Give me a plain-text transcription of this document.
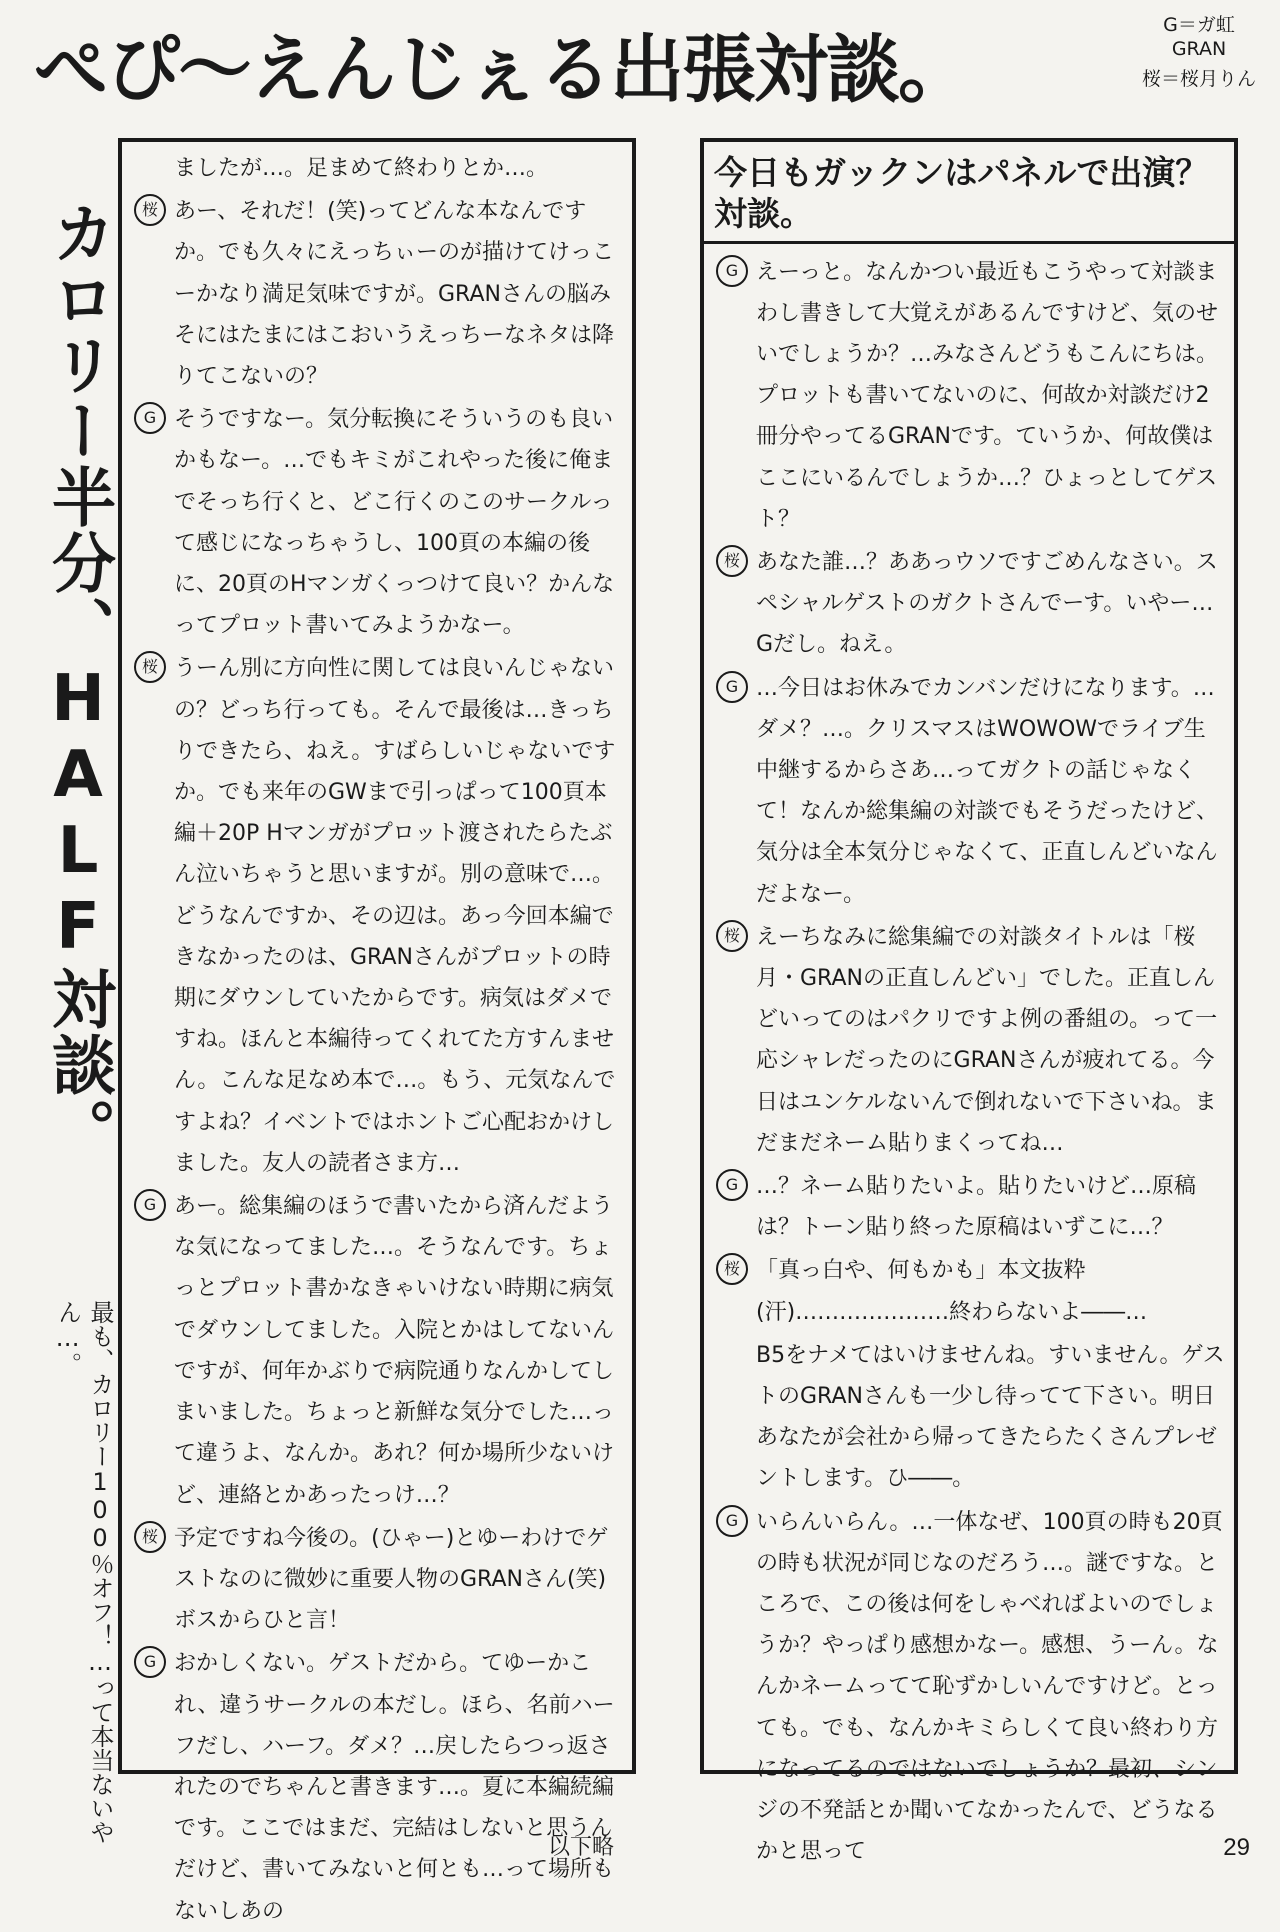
ぺぴ〜えんじぇる出張対談。
G＝ガ虹GRAN
桜＝桜月りん
カロリー半分、HALF対談。
最も、カロリー100％オフ！…って本当ないやん…。
ましたが…。足まめて終わりとか…。
桜 あー、それだ！(笑)ってどんな本なんですか。でも久々にえっちぃーのが描けてけっこーかなり満足気味ですが。GRANさんの脳みそにはたまにはこおいうえっちーなネタは降りてこないの？
G そうですなー。気分転換にそういうのも良いかもなー。…でもキミがこれやった後に俺までそっち行くと、どこ行くのこのサークルって感じになっちゃうし、100頁の本編の後に、20頁のHマンガくっつけて良い？かんなってプロット書いてみようかなー。
桜 うーん別に方向性に関しては良いんじゃないの？どっち行っても。そんで最後は…きっちりできたら、ねえ。すばらしいじゃないですか。でも来年のGWまで引っぱって100頁本編＋20P Hマンガがプロット渡されたらたぶん泣いちゃうと思いますが。別の意味で…。どうなんですか、その辺は。あっ今回本編できなかったのは、GRANさんがプロットの時期にダウンしていたからです。病気はダメですね。ほんと本編待ってくれてた方すんません。こんな足なめ本で…。もう、元気なんですよね？イベントではホントご心配おかけしました。友人の読者さま方…
G あー。総集編のほうで書いたから済んだような気になってました…。そうなんです。ちょっとプロット書かなきゃいけない時期に病気でダウンしてました。入院とかはしてないんですが、何年かぶりで病院通りなんかしてしまいました。ちょっと新鮮な気分でした…って違うよ、なんか。あれ？何か場所少ないけど、連絡とかあったっけ…？
桜 予定ですね今後の。(ひゃー)とゆーわけでゲストなのに微妙に重要人物のGRANさん(笑)ボスからひと言！
G おかしくない。ゲストだから。てゆーかこれ、違うサークルの本だし。ほら、名前ハーフだし、ハーフ。ダメ？…戻したらつっ返されたのでちゃんと書きます…。夏に本編続編です。ここではまだ、完結はしないと思うんだけど、書いてみないと何とも…って場所もないしあの
今日もガックンはパネルで出演？対談。
G えーっと。なんかつい最近もこうやって対談まわし書きして大覚えがあるんですけど、気のせいでしょうか？…みなさんどうもこんにちは。プロットも書いてないのに、何故か対談だけ2冊分やってるGRANです。ていうか、何故僕はここにいるんでしょうか…？ひょっとしてゲスト？
桜 あなた誰…？ああっウソですごめんなさい。スペシャルゲストのガクトさんでーす。いやー…Gだし。ねえ。
G …今日はお休みでカンバンだけになります。…ダメ？…。クリスマスはWOWOWでライブ生中継するからさあ…ってガクトの話じゃなくて！なんか総集編の対談でもそうだったけど、気分は全本気分じゃなくて、正直しんどいなんだよなー。
桜 えーちなみに総集編での対談タイトルは「桜月・GRANの正直しんどい」でした。正直しんどいってのはパクリですよ例の番組の。って一応シャレだったのにGRANさんが疲れてる。今日はユンケルないんで倒れないで下さいね。まだまだネーム貼りまくってね…
G …？ネーム貼りたいよ。貼りたいけど…原稿は？トーン貼り終った原稿はいずこに…？
桜 「真っ白や、何もかも」本文抜粋(汗)…………………終わらないよ――…
B5をナメてはいけませんね。すいません。ゲストのGRANさんも一少し待ってて下さい。明日あなたが会社から帰ってきたらたくさんプレゼントします。ひ――。
G いらんいらん。…一体なぜ、100頁の時も20頁の時も状況が同じなのだろう…。謎ですな。ところで、この後は何をしゃべればよいのでしょうか？やっぱり感想かなー。感想、うーん。なんかネームってて恥ずかしいんですけど。とっても。でも、なんかキミらしくて良い終わり方になってるのではないでしょうか？最初、シンジの不発話とか聞いてなかったんで、どうなるかと思って
以下略	29
